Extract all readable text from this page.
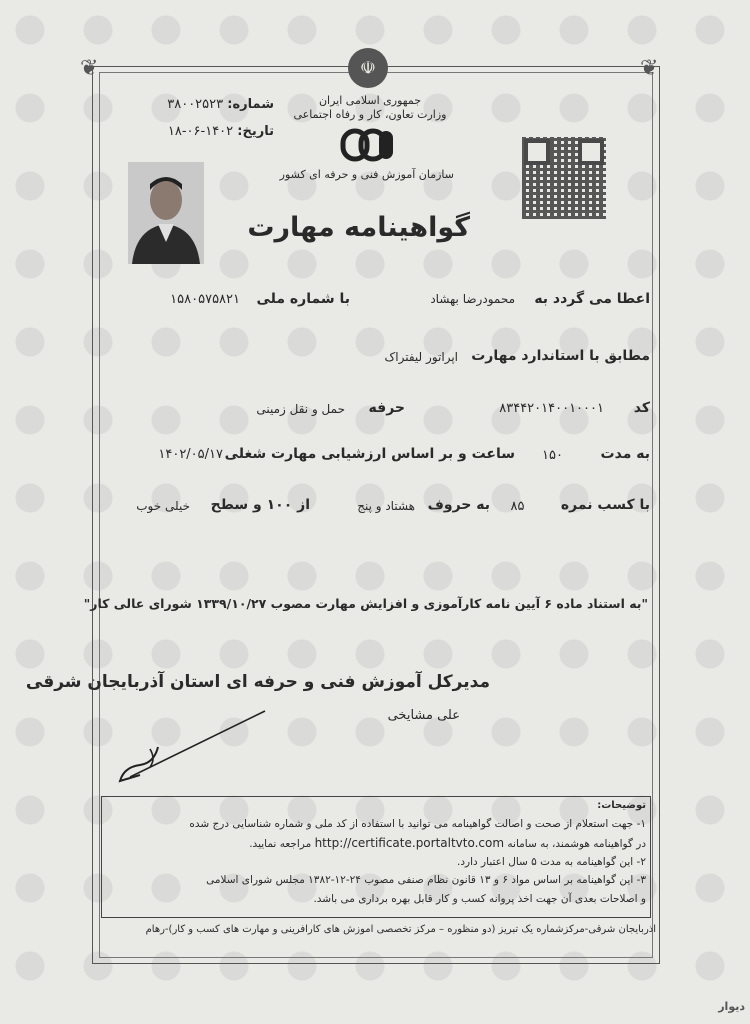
❦	❦
☫
جمهوری اسلامی ایران
وزارت تعاون، کار و رفاه اجتماعی
سازمان آموزش فنی و حرفه ای کشور
شماره: ۳۸۰۰۲۵۲۳
تاریخ: ۱۴۰۲-۰۶-۱۸
گواهینامه مهارت
اعطا می گردد به
محمودرضا بهشاد
با شماره ملی
۱۵۸۰۵۷۵۸۲۱
مطابق با استاندارد مهارت
اپراتور لیفتراک
کد
۸۳۴۴۲۰۱۴۰۰۱۰۰۰۱
حرفه
حمل و نقل زمینی
به مدت
۱۵۰
ساعت و بر اساس ارزشیابی مهارت شغلی
۱۴۰۲/۰۵/۱۷
با کسب نمره
۸۵
به حروف
هشتاد و پنج
از ۱۰۰ و سطح
خیلی خوب
"به استناد ماده ۶ آیین نامه کارآموزی و افزایش مهارت مصوب ۱۳۳۹/۱۰/۲۷ شورای عالی کار"
مدیرکل آموزش فنی و حرفه ای استان آذربایجان شرقی
علی مشایخی
توضیحات:
۱- جهت استعلام از صحت و اصالت گواهینامه می توانید با استفاده از کد ملی و شماره شناسایی درج شده
در گواهینامه هوشمند، به سامانه http://certificate.portaltvto.com مراجعه نمایید.
۲- این گواهینامه به مدت ۵ سال اعتبار دارد.
۳- این گواهینامه بر اساس مواد ۶ و ۱۳ قانون نظام صنفی مصوب ۲۴-۱۲-۱۳۸۲ مجلس شورای اسلامی
و اصلاحات بعدی آن جهت اخذ پروانه کسب و کار قابل بهره برداری می باشد.
آذربایجان شرقی-مرکزشماره یک تبریز (دو منظوره – مرکز تخصصی آموزش های کارآفرینی و مهارت های کسب و کار)-رهام
دیوار
